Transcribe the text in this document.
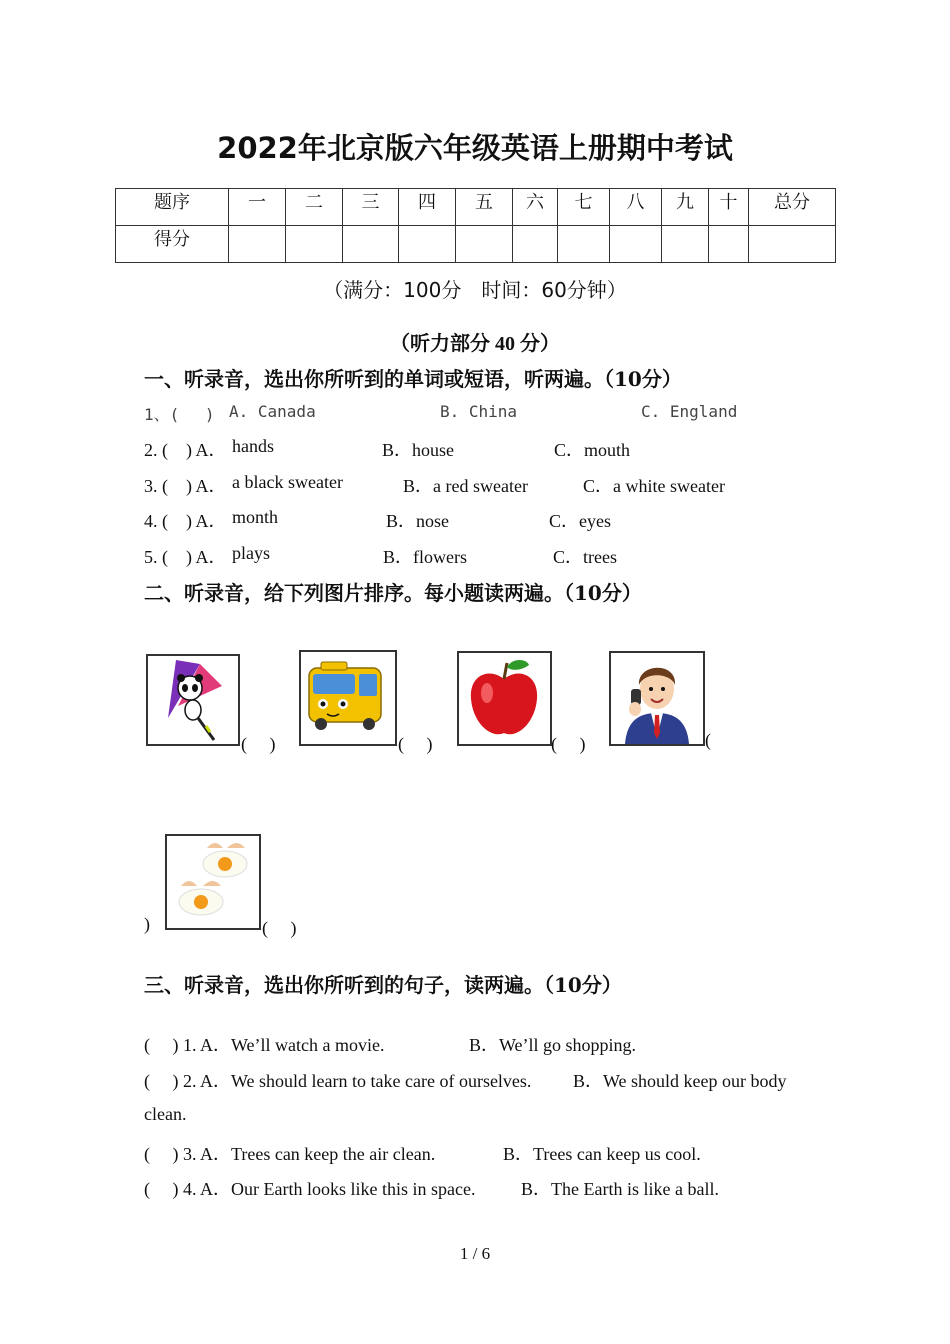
2022年北京版六年级英语上册期中考试
题序	一	二	三	四	五	六	七	八	九	十	总分
得分											
（满分：100分　时间：60分钟）
（听力部分 40 分）
一、听录音，选出你所听到的单词或短语，听两遍。（10分）
1、(　 ) A. Canada	B. China	C. England
2. (　) A． hands	B．house	C．mouth
3. (　) A． a black sweater	B．a red sweater	C．a white sweater
4. (　) A． month	B．nose	C．eyes
5. (　) A． plays	B．flowers	C．trees
二、听录音，给下列图片排序。每小题读两遍。（10分）
(　 )	(　 )	(　 )	(
)	(　 )
三、听录音，选出你所听到的句子，读两遍。（10分）
(　 ) 1. A．We’ll watch a movie.	B．We’ll go shopping.
(　 ) 2. A．We should learn to take care of ourselves. B．We should keep our body
clean.
(　 ) 3. A．Trees can keep the air clean.	B．Trees can keep us cool.
(　 ) 4. A．Our Earth looks like this in space.	B．The Earth is like a ball.
1 / 6
